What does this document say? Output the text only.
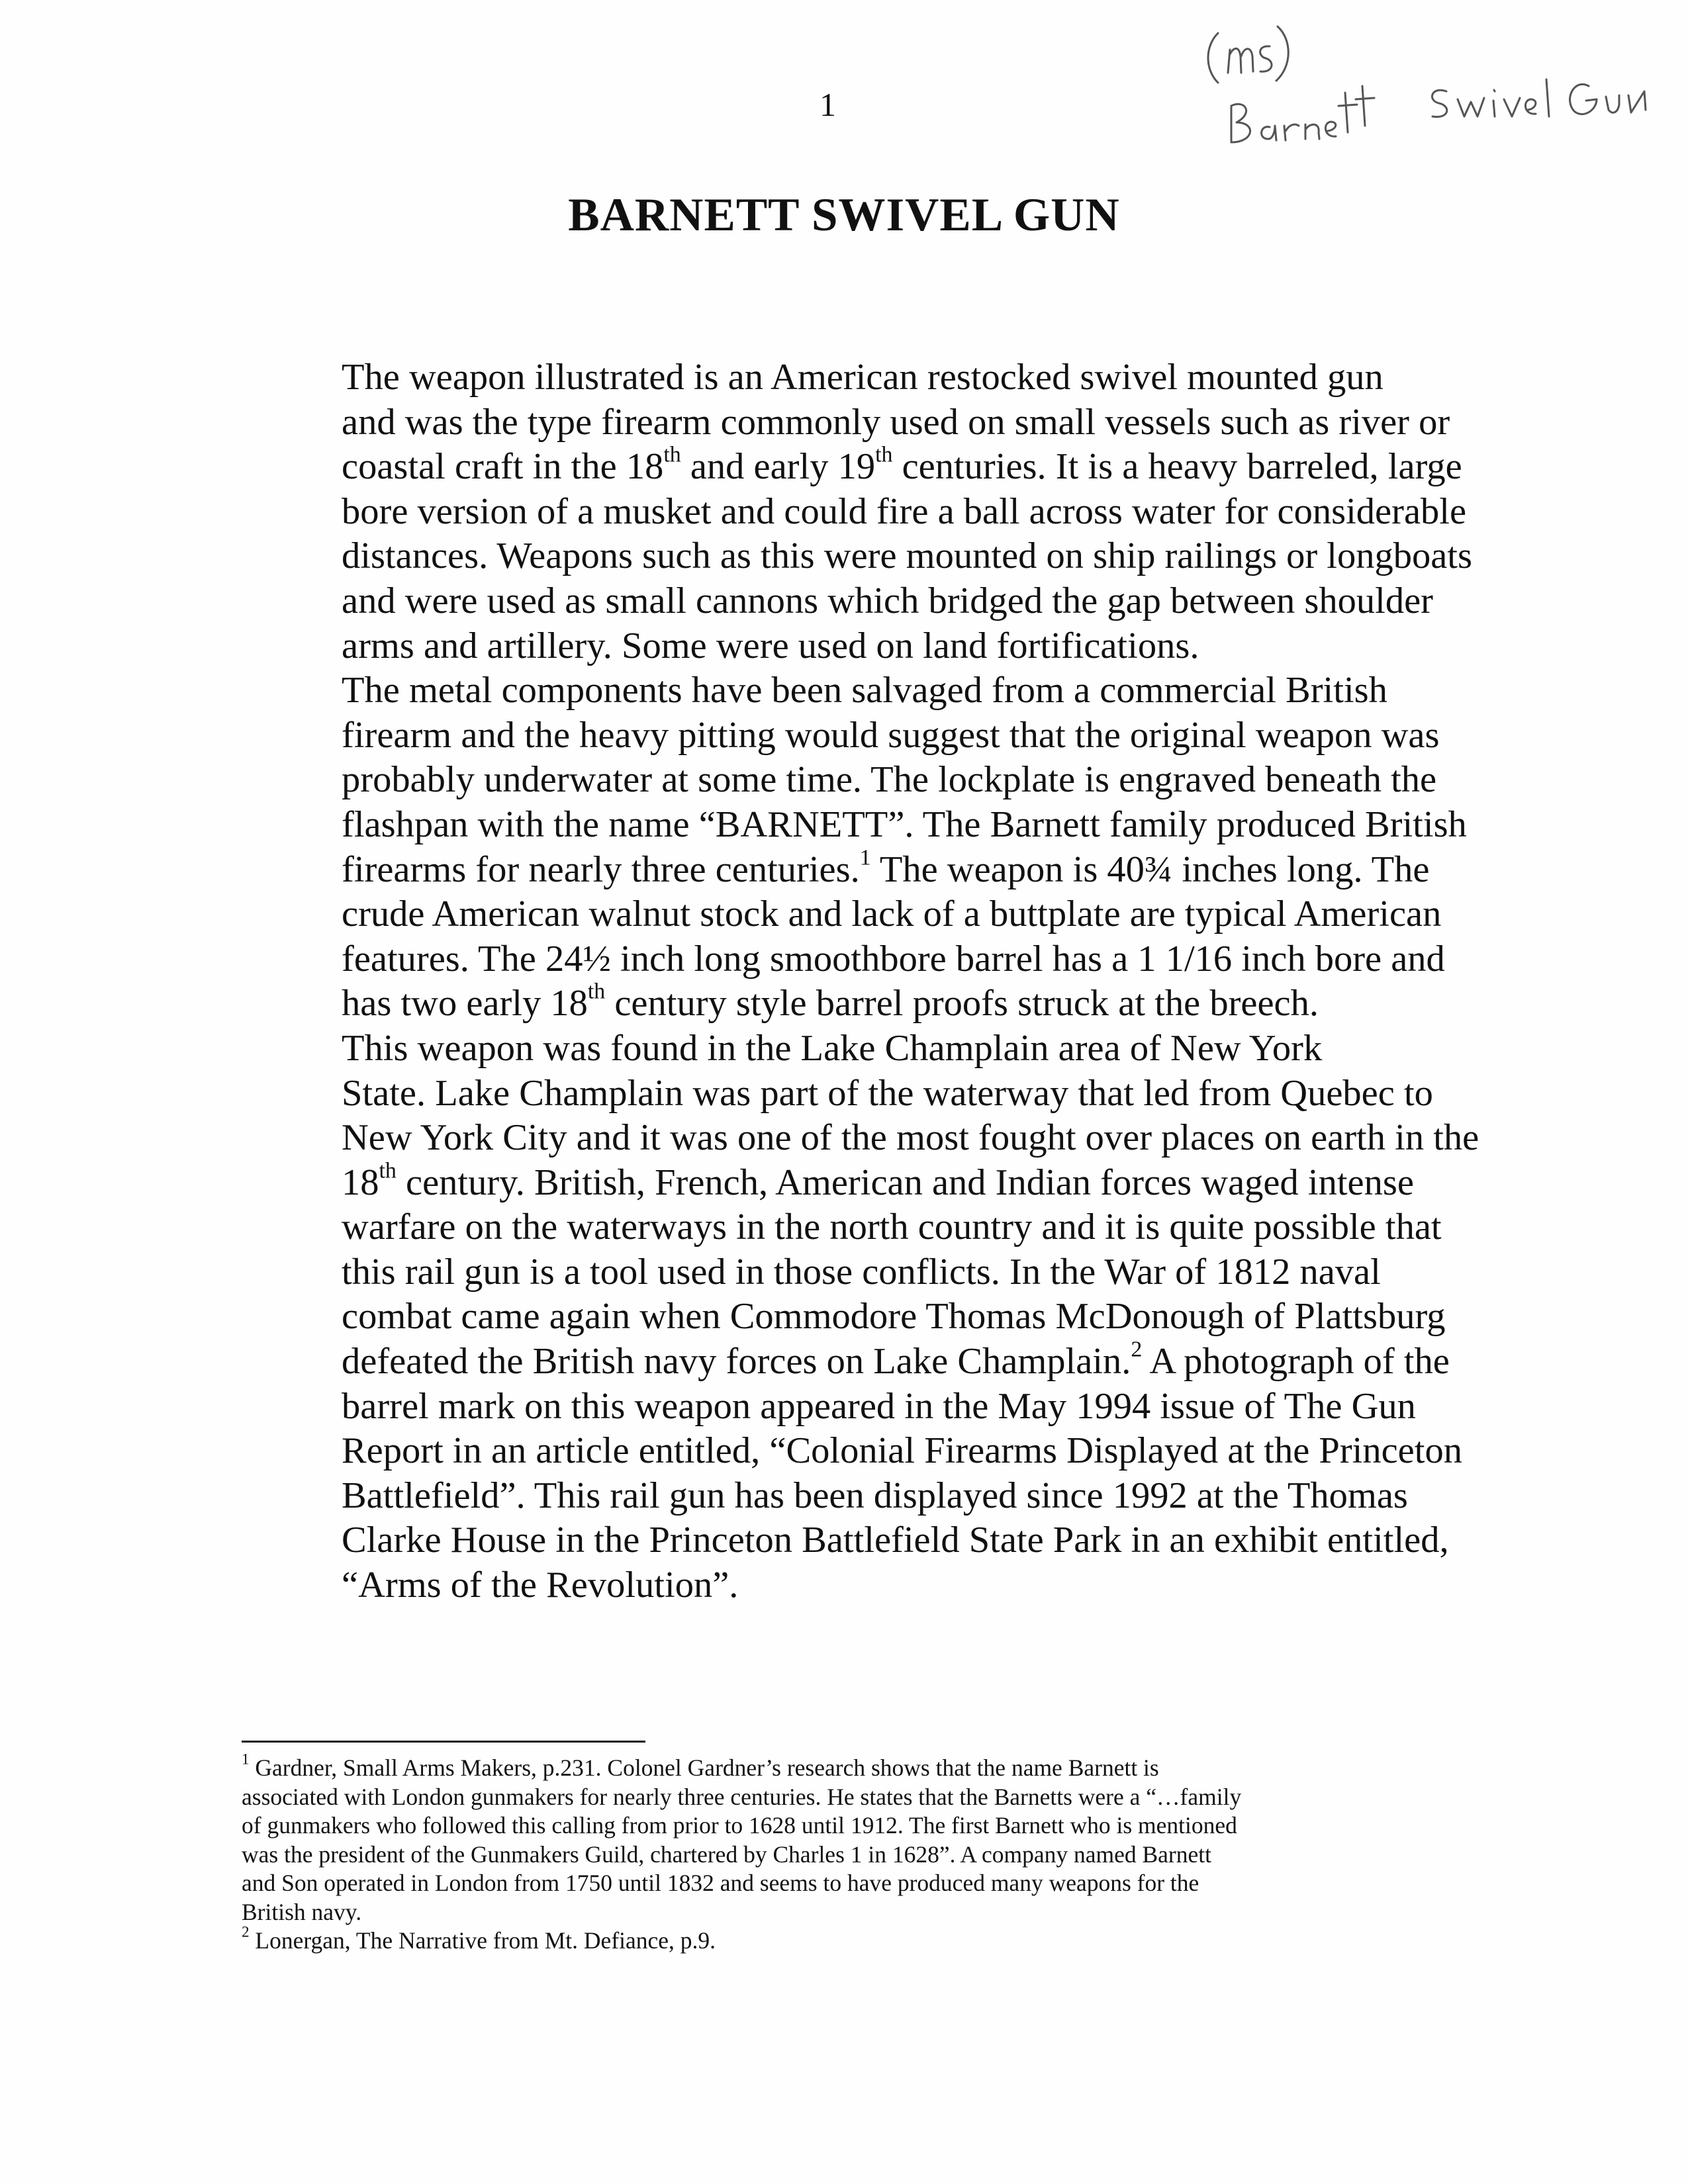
1
BARNETT SWIVEL GUN

The weapon illustrated is an American restocked swivel mounted gun
and was the type firearm commonly used on small vessels such as river or
coastal craft in the 18th and early 19th centuries. It is a heavy barreled, large
bore version of a musket and could fire a ball across water for considerable
distances. Weapons such as this were mounted on ship railings or longboats
and were used as small cannons which bridged the gap between shoulder
arms and artillery. Some were used on land fortifications.

The metal components have been salvaged from a commercial British
firearm and the heavy pitting would suggest that the original weapon was
probably underwater at some time. The lockplate is engraved beneath the
flashpan with the name “BARNETT”. The Barnett family produced British
firearms for nearly three centuries.$^1$ The weapon is 40¾ inches long. The
crude American walnut stock and lack of a buttplate are typical American
features. The 24½ inch long smoothbore barrel has a 1 1/16 inch bore and
has two early 18th century style barrel proofs struck at the breech.

This weapon was found in the Lake Champlain area of New York
State. Lake Champlain was part of the waterway that led from Quebec to
New York City and it was one of the most fought over places on earth in the
18th century. British, French, American and Indian forces waged intense
warfare on the waterways in the north country and it is quite possible that
this rail gun is a tool used in those conflicts. In the War of 1812 naval
combat came again when Commodore Thomas McDonough of Plattsburg
defeated the British navy forces on Lake Champlain.$^2$ A photograph of the
barrel mark on this weapon appeared in the May 1994 issue of The Gun
Report in an article entitled, “Colonial Firearms Displayed at the Princeton
Battlefield”. This rail gun has been displayed since 1992 at the Thomas
Clarke House in the Princeton Battlefield State Park in an exhibit entitled,
“Arms of the Revolution”.

$^1$ Gardner, Small Arms Makers, p.231. Colonel Gardner’s research shows that the name Barnett is
associated with London gunmakers for nearly three centuries. He states that the Barnetts were a “…family
of gunmakers who followed this calling from prior to 1628 until 1912. The first Barnett who is mentioned
was the president of the Gunmakers Guild, chartered by Charles 1 in 1628”. A company named Barnett
and Son operated in London from 1750 until 1832 and seems to have produced many weapons for the
British navy.

$^2$ Lonergan, The Narrative from Mt. Defiance, p.9.
